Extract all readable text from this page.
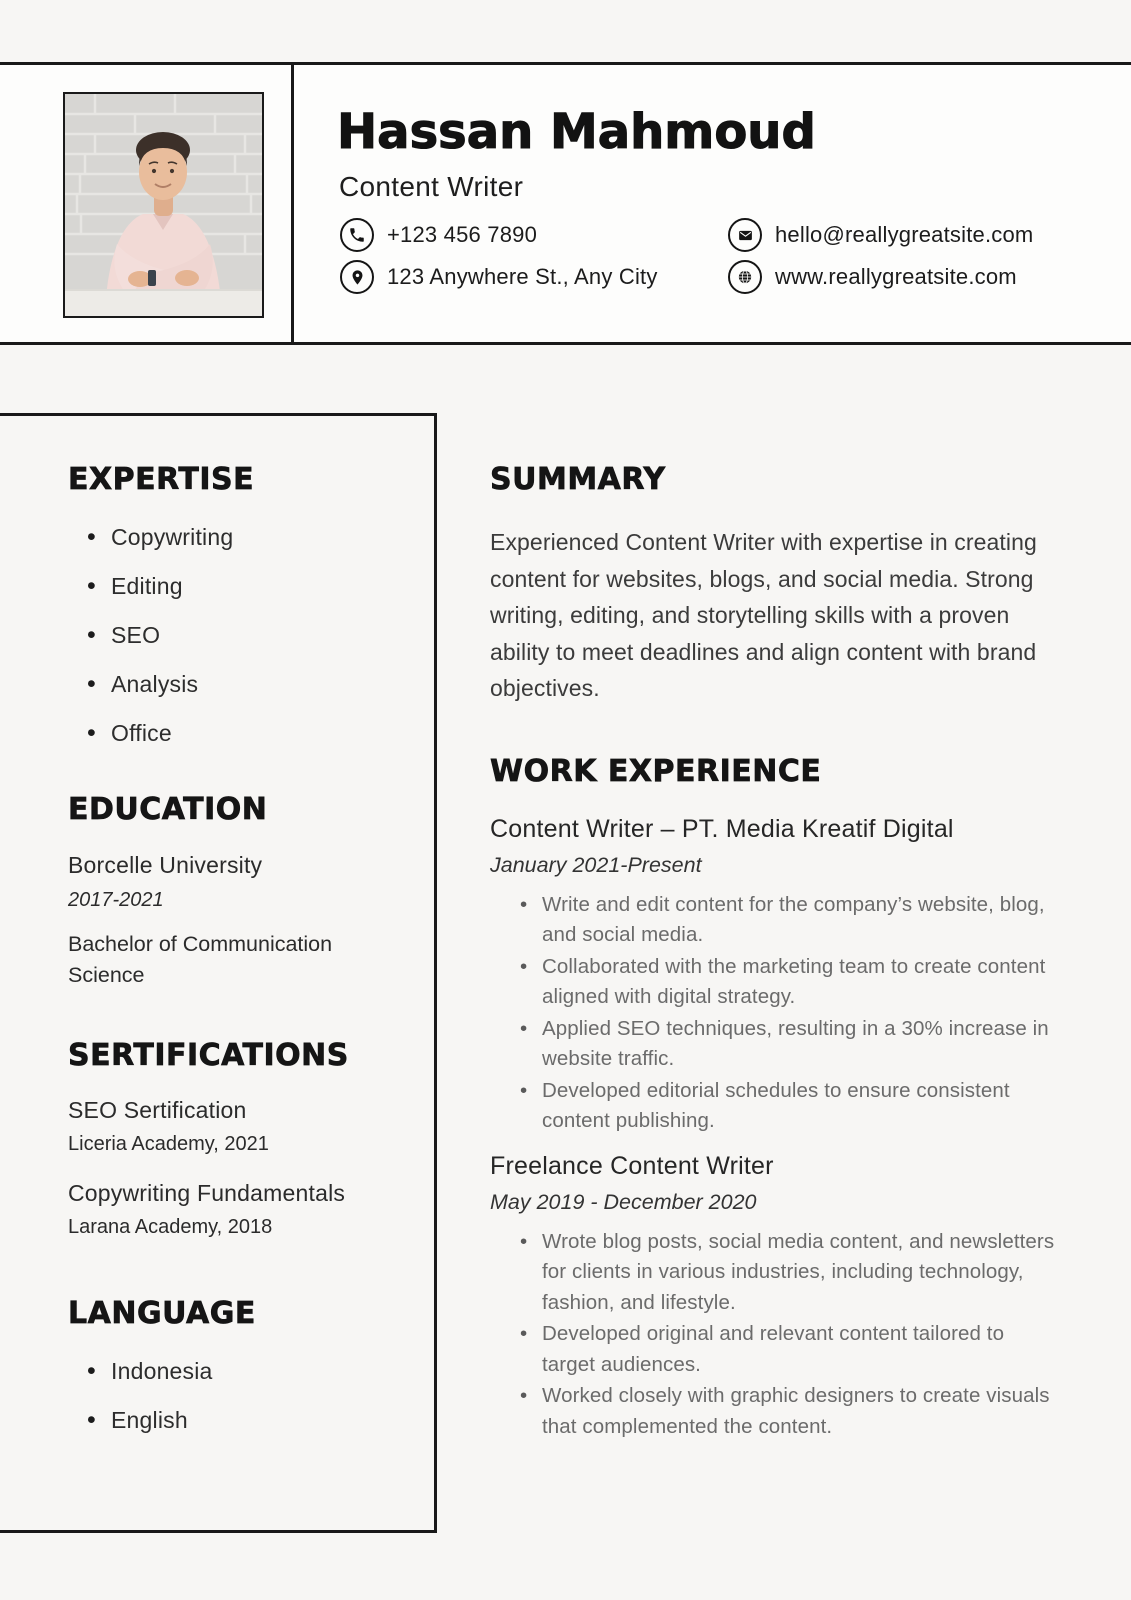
Hassan Mahmoud
Content Writer
+123 456 7890
123 Anywhere St., Any City
hello@reallygreatsite.com
www.reallygreatsite.com
EXPERTISE
• Copywriting
• Editing
• SEO
• Analysis
• Office
EDUCATION
Borcelle University
2017-2021
Bachelor of Communication Science
SERTIFICATIONS
SEO Sertification
Liceria Academy, 2021
Copywriting Fundamentals
Larana Academy, 2018
LANGUAGE
• Indonesia
• English
SUMMARY
Experienced Content Writer with expertise in creating content for websites, blogs, and social media. Strong writing, editing, and storytelling skills with a proven ability to meet deadlines and align content with brand objectives.
WORK EXPERIENCE
Content Writer – PT. Media Kreatif Digital
January 2021-Present
• Write and edit content for the company’s website, blog, and social media.
• Collaborated with the marketing team to create content aligned with digital strategy.
• Applied SEO techniques, resulting in a 30% increase in website traffic.
• Developed editorial schedules to ensure consistent content publishing.
Freelance Content Writer
May 2019 - December 2020
• Wrote blog posts, social media content, and newsletters for clients in various industries, including technology, fashion, and lifestyle.
• Developed original and relevant content tailored to target audiences.
• Worked closely with graphic designers to create visuals that complemented the content.
